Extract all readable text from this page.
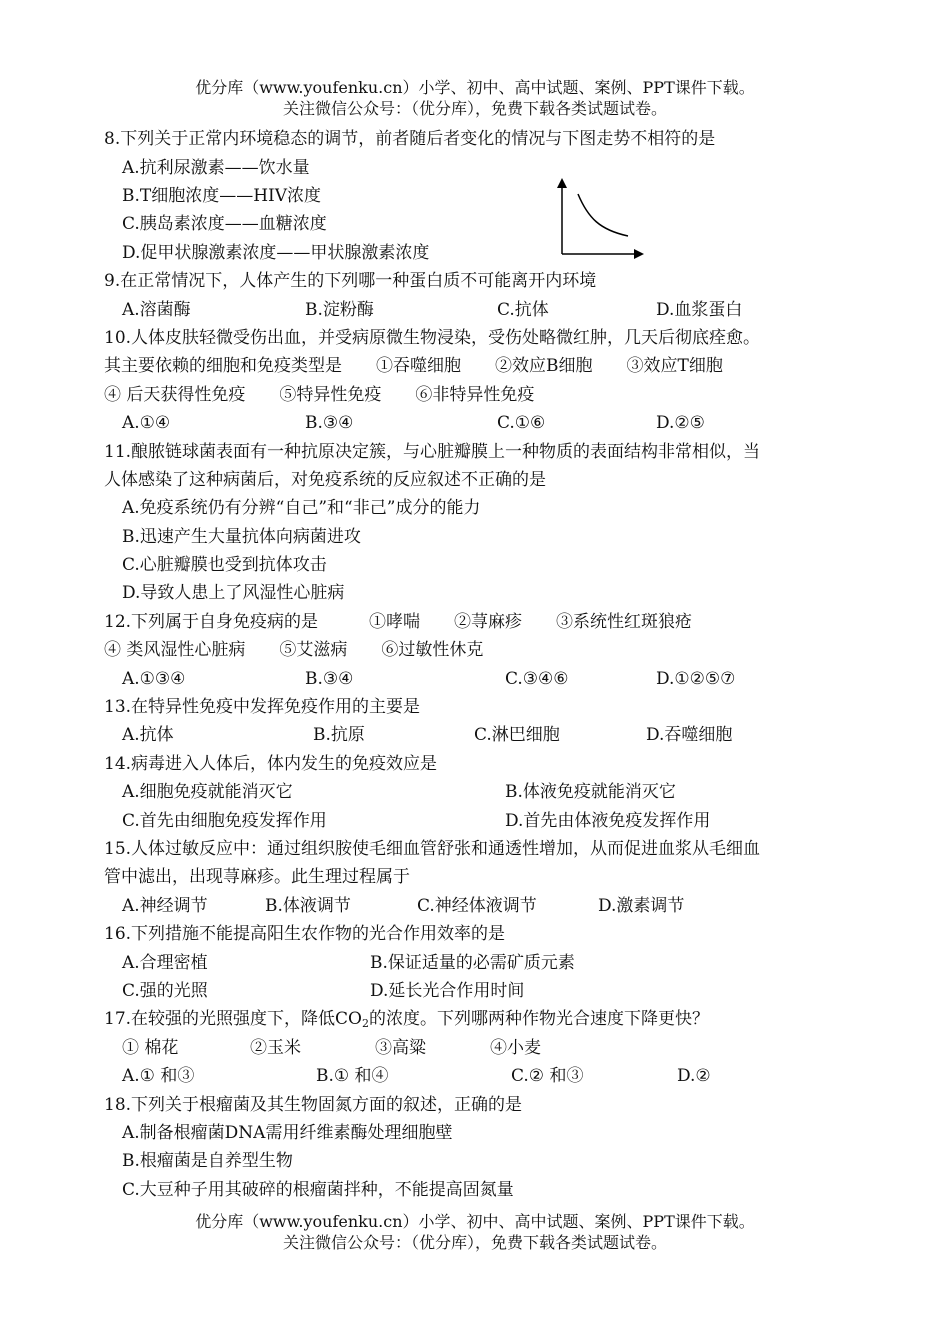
优分库（www.youfenku.cn）小学、初中、高中试题、案例、PPT课件下载。
关注微信公众号：（优分库），免费下载各类试题试卷。
8.下列关于正常内环境稳态的调节，前者随后者变化的情况与下图走势不相符的是
A.抗利尿激素——饮水量
B.T细胞浓度——HIV浓度
C.胰岛素浓度——血糖浓度
D.促甲状腺激素浓度——甲状腺激素浓度
9.在正常情况下，人体产生的下列哪一种蛋白质不可能离开内环境
A.溶菌酶	B.淀粉酶	C.抗体	D.血浆蛋白
10.人体皮肤轻微受伤出血，并受病原微生物浸染，受伤处略微红肿，几天后彻底痊愈。
其主要依赖的细胞和免疫类型是　　①吞噬细胞　　②效应B细胞　　③效应T细胞
④ 后天获得性免疫　　⑤特异性免疫　　⑥非特异性免疫
A.①④	B.③④	C.①⑥	D.②⑤
11.酿脓链球菌表面有一种抗原决定簇，与心脏瓣膜上一种物质的表面结构非常相似，当
人体感染了这种病菌后，对免疫系统的反应叙述不正确的是
A.免疫系统仍有分辨“自己”和“非己”成分的能力
B.迅速产生大量抗体向病菌进攻
C.心脏瓣膜也受到抗体攻击
D.导致人患上了风湿性心脏病
12.下列属于自身免疫病的是　　　①哮喘　　②荨麻疹　　③系统性红斑狼疮
④ 类风湿性心脏病　　⑤艾滋病　　⑥过敏性休克
A.①③④	B.③④	C.③④⑥	D.①②⑤⑦
13.在特异性免疫中发挥免疫作用的主要是
A.抗体	B.抗原	C.淋巴细胞	D.吞噬细胞
14.病毒进入人体后，体内发生的免疫效应是
A.细胞免疫就能消灭它	B.体液免疫就能消灭它
C.首先由细胞免疫发挥作用	D.首先由体液免疫发挥作用
15.人体过敏反应中：通过组织胺使毛细血管舒张和通透性增加，从而促进血浆从毛细血
管中滤出，出现荨麻疹。此生理过程属于
A.神经调节	B.体液调节	C.神经体液调节	D.激素调节
16.下列措施不能提高阳生农作物的光合作用效率的是
A.合理密植	B.保证适量的必需矿质元素
C.强的光照	D.延长光合作用时间
17.在较强的光照强度下，降低$CO_2$的浓度。下列哪两种作物光合速度下降更快？
① 棉花	②玉米	③高粱	④小麦
A.① 和③	B.① 和④	C.② 和③	D.②
18.下列关于根瘤菌及其生物固氮方面的叙述，正确的是
A.制备根瘤菌DNA需用纤维素酶处理细胞壁
B.根瘤菌是自养型生物
C.大豆种子用其破碎的根瘤菌拌种，不能提高固氮量
优分库（www.youfenku.cn）小学、初中、高中试题、案例、PPT课件下载。
关注微信公众号：（优分库），免费下载各类试题试卷。
